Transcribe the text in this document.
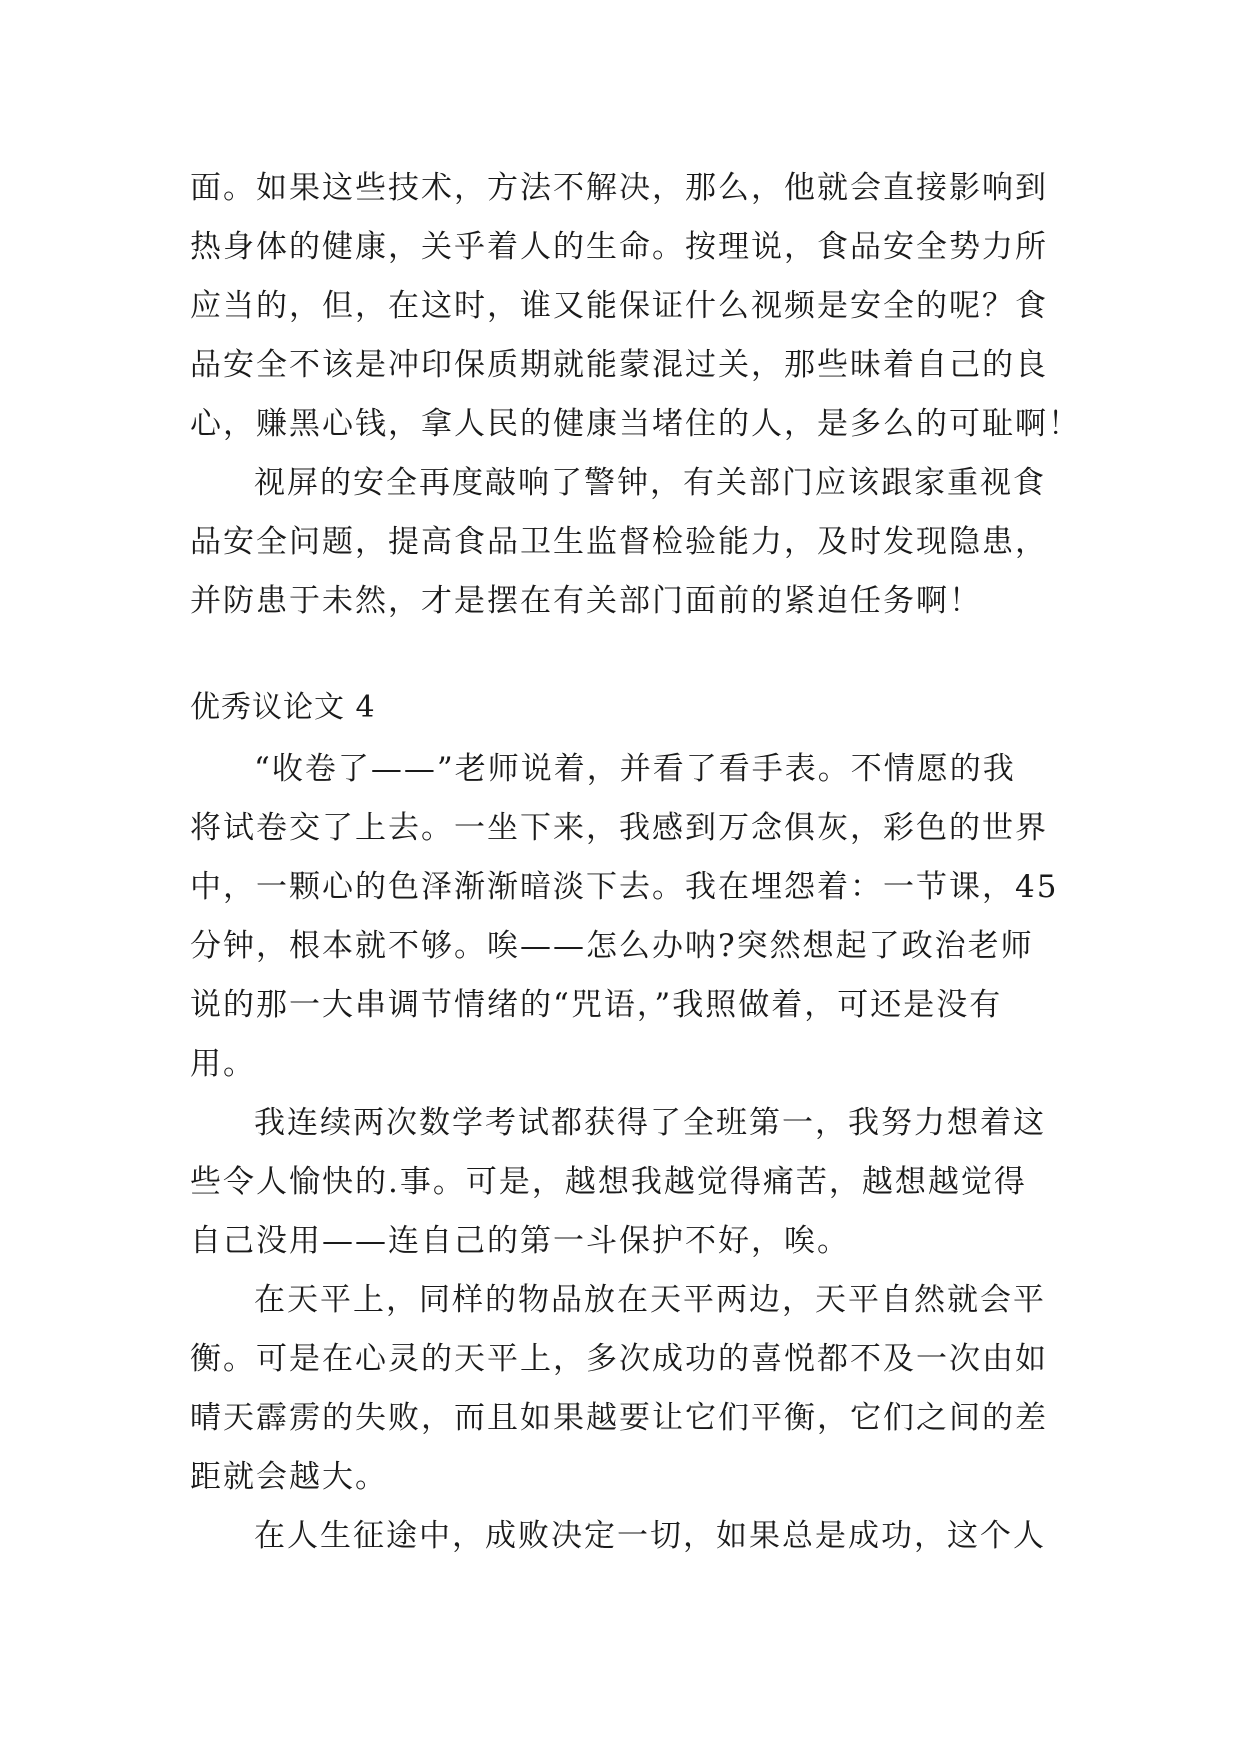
面。如果这些技术，方法不解决，那么，他就会直接影响到
热身体的健康，关乎着人的生命。按理说，食品安全势力所
应当的，但，在这时，谁又能保证什么视频是安全的呢？食
品安全不该是冲印保质期就能蒙混过关，那些昧着自己的良
心，赚黑心钱，拿人民的健康当堵住的人，是多么的可耻啊！
视屏的安全再度敲响了警钟，有关部门应该跟家重视食
品安全问题，提高食品卫生监督检验能力，及时发现隐患，
并防患于未然，才是摆在有关部门面前的紧迫任务啊！
优秀议论文 4
“收卷了——”老师说着，并看了看手表。不情愿的我
将试卷交了上去。一坐下来，我感到万念俱灰，彩色的世界
中，一颗心的色泽渐渐暗淡下去。我在埋怨着：一节课，45
分钟，根本就不够。唉——怎么办呐?突然想起了政治老师
说的那一大串调节情绪的“咒语，”我照做着，可还是没有
用。
我连续两次数学考试都获得了全班第一，我努力想着这
些令人愉快的.事。可是，越想我越觉得痛苦，越想越觉得
自己没用——连自己的第一斗保护不好，唉。
在天平上，同样的物品放在天平两边，天平自然就会平
衡。可是在心灵的天平上，多次成功的喜悦都不及一次由如
晴天霹雳的失败，而且如果越要让它们平衡，它们之间的差
距就会越大。
在人生征途中，成败决定一切，如果总是成功，这个人
